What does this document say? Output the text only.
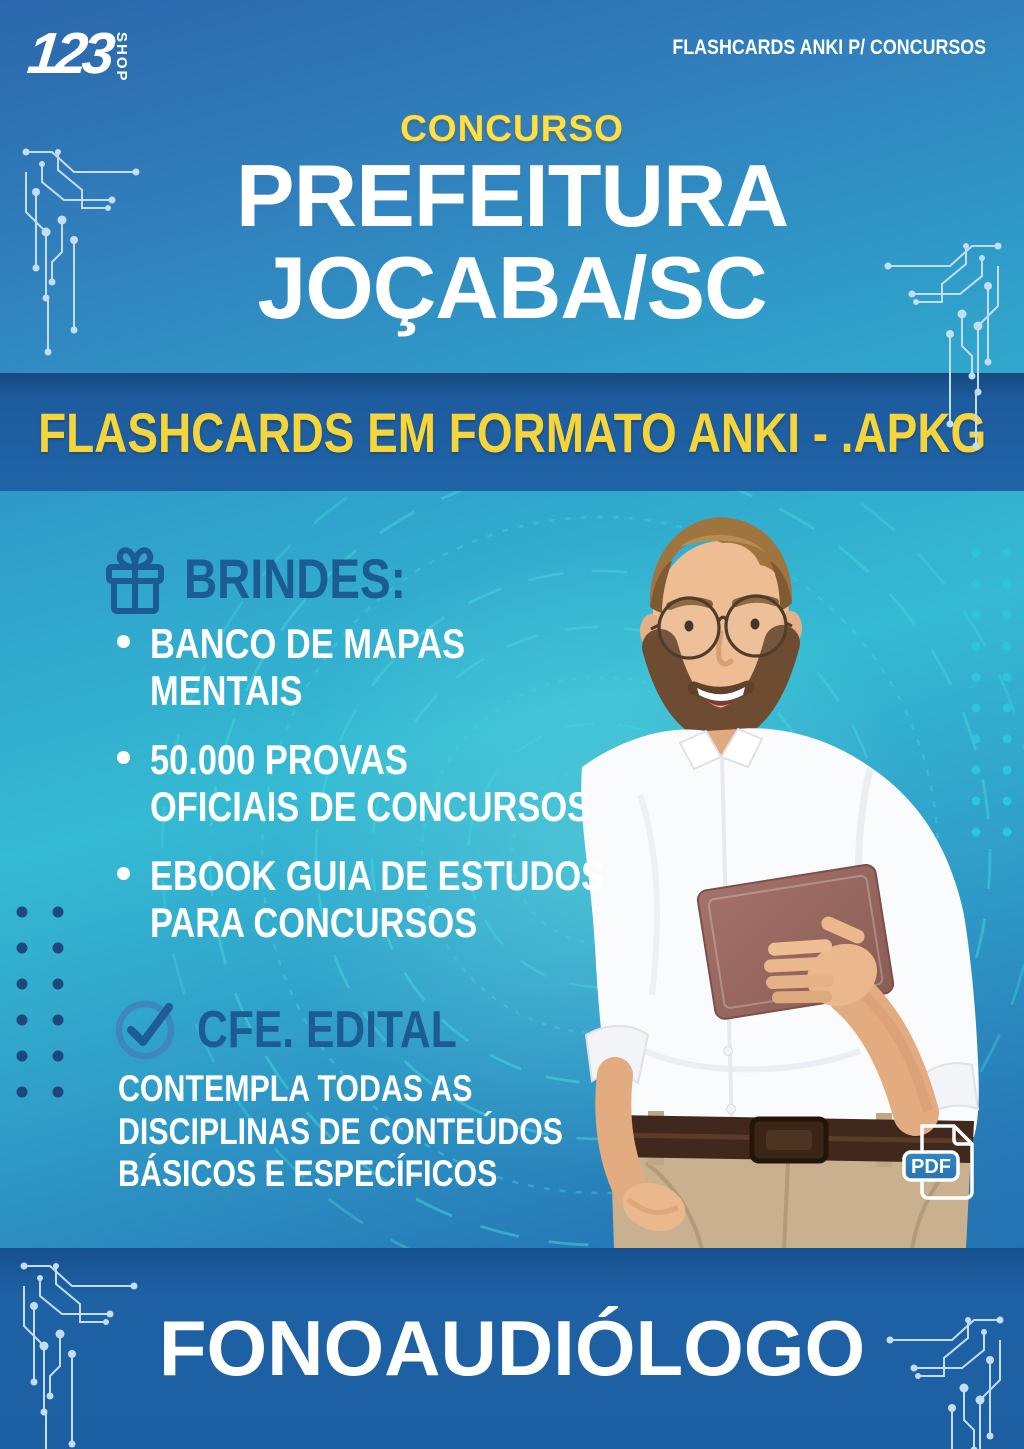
FLASHCARDS EM FORMATO ANKI - .APKG
FONOAUDIÓLOGO
123 SHOP	FLASHCARDS ANKI P/ CONCURSOS
CONCURSO
PREFEITURA
JOÇABA/SC
BRINDES:
BANCO DE MAPAS
MENTAIS
50.000 PROVAS
OFICIAIS DE CONCURSOS
EBOOK GUIA DE ESTUDOS
PARA CONCURSOS
CFE. EDITAL
CONTEMPLA TODAS AS
DISCIPLINAS DE CONTEÚDOS
BÁSICOS E ESPECÍFICOS	PDF
